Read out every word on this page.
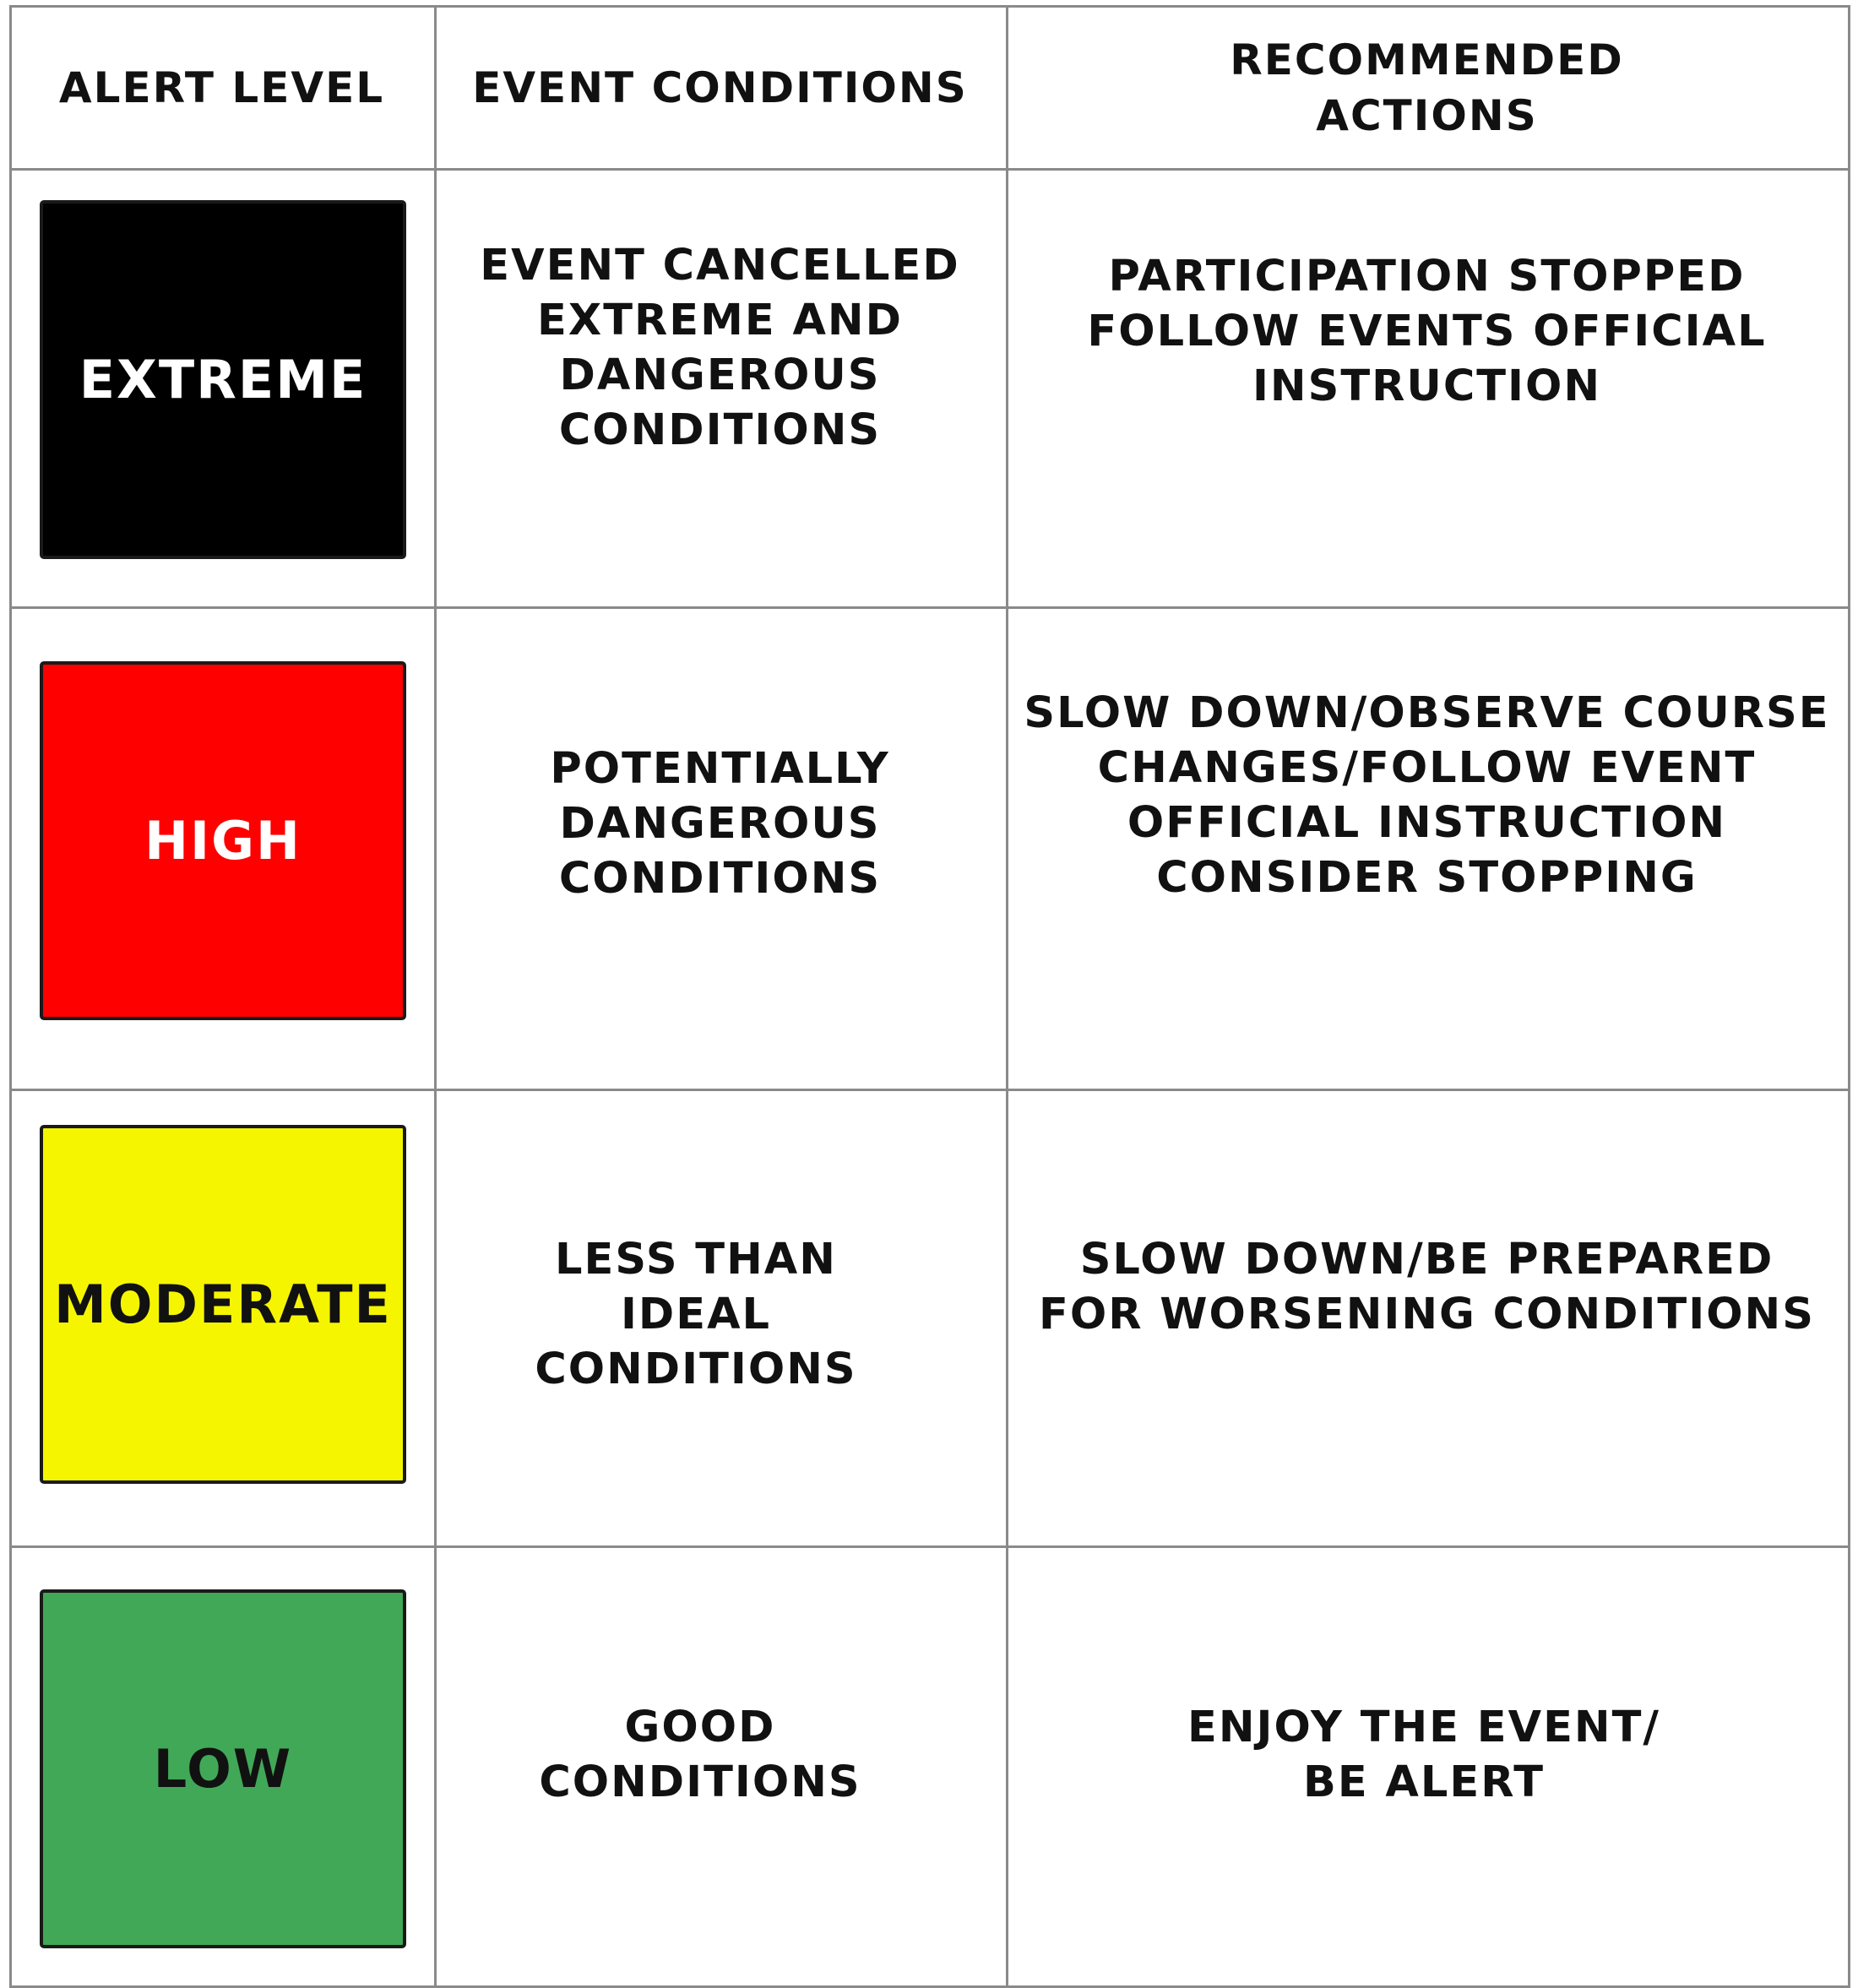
ALERT LEVEL	EVENT CONDITIONS
RECOMMENDED
ACTIONS
EXTREME
EVENT CANCELLED
EXTREME AND
DANGEROUS
CONDITIONS
PARTICIPATION STOPPED
FOLLOW EVENTS OFFICIAL
INSTRUCTION
HIGH
POTENTIALLY
DANGEROUS
CONDITIONS
SLOW DOWN/OBSERVE COURSE
CHANGES/FOLLOW EVENT
OFFICIAL INSTRUCTION
CONSIDER STOPPING
MODERATE
LESS THAN
IDEAL
CONDITIONS
SLOW DOWN/BE PREPARED
FOR WORSENING CONDITIONS
LOW
GOOD
CONDITIONS
ENJOY THE EVENT/
BE ALERT
